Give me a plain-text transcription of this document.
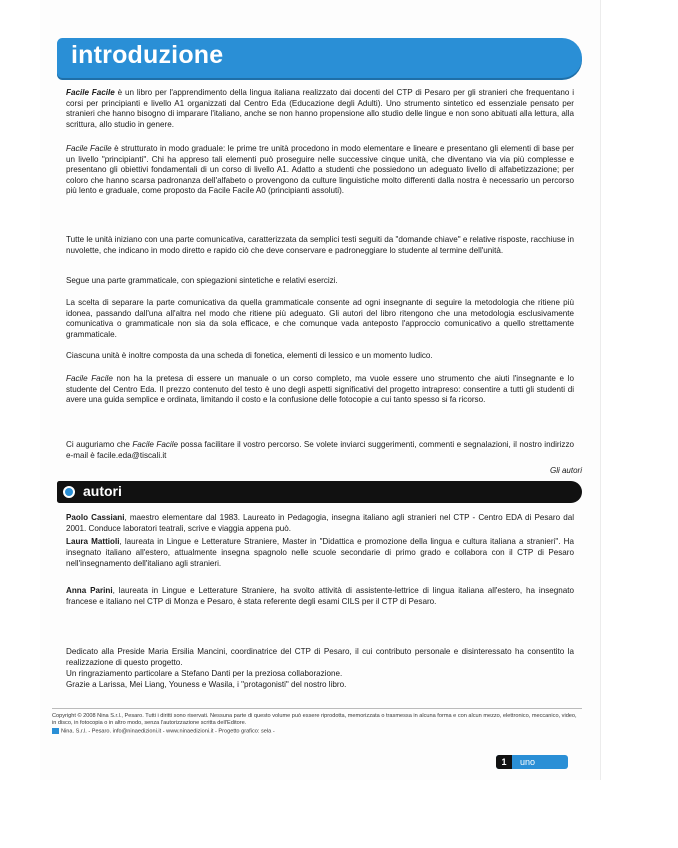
introduzione

Facile Facile è un libro per l'apprendimento della lingua italiana realizzato dai docenti del CTP di Pesaro per gli stranieri che frequentano i corsi per principianti e livello A1 organizzati dal Centro Eda (Educazione degli Adulti). Uno strumento sintetico ed essenziale pensato per stranieri che hanno bisogno di imparare l'italiano, anche se non hanno propensione allo studio delle lingue e non sono abituati alla lettura, alla scrittura, allo studio in genere.

Facile Facile è strutturato in modo graduale: le prime tre unità procedono in modo elementare e lineare e presentano gli elementi di base per un livello "principianti". Chi ha appreso tali elementi può proseguire nelle successive cinque unità, che diventano via via più complesse e presentano gli obiettivi fondamentali di un corso di livello A1. Adatto a studenti che possiedono un adeguato livello di alfabetizzazione; per coloro che hanno scarsa padronanza dell'alfabeto o provengono da culture linguistiche molto differenti dalla nostra è necessario un percorso più lento e graduale, come proposto da Facile Facile A0 (principianti assoluti).

Tutte le unità iniziano con una parte comunicativa, caratterizzata da semplici testi seguiti da "domande chiave" e relative risposte, racchiuse in nuvolette, che indicano in modo diretto e rapido ciò che deve conservare e padroneggiare lo studente al termine dell'unità.

Segue una parte grammaticale, con spiegazioni sintetiche e relativi esercizi.

La scelta di separare la parte comunicativa da quella grammaticale consente ad ogni insegnante di seguire la metodologia che ritiene più idonea, passando dall'una all'altra nel modo che ritiene più adeguato. Gli autori del libro ritengono che una metodologia esclusivamente comunicativa o grammaticale non sia da sola efficace, e che comunque vada anteposto l'approccio comunicativo a quello strettamente grammaticale.

Ciascuna unità è inoltre composta da una scheda di fonetica, elementi di lessico e un momento ludico.

Facile Facile non ha la pretesa di essere un manuale o un corso completo, ma vuole essere uno strumento che aiuti l'insegnante e lo studente del Centro Eda. Il prezzo contenuto del testo è uno degli aspetti significativi del progetto intrapreso: consentire a tutti gli studenti di avere una guida semplice e ordinata, limitando il costo e la confusione delle fotocopie a cui tanto spesso si fa ricorso.

Ci auguriamo che Facile Facile possa facilitare il vostro percorso. Se volete inviarci suggerimenti, commenti e segnalazioni, il nostro indirizzo e-mail è facile.eda@tiscali.it

Gli autori
autori

Paolo Cassiani, maestro elementare dal 1983. Laureato in Pedagogia, insegna italiano agli stranieri nel CTP - Centro EDA di Pesaro dal 2001. Conduce laboratori teatrali, scrive e viaggia appena può.

Laura Mattioli, laureata in Lingue e Letterature Straniere, Master in "Didattica e promozione della lingua e cultura italiana a stranieri". Ha insegnato italiano all'estero, attualmente insegna spagnolo nelle scuole secondarie di primo grado e collabora con il CTP di Pesaro nell'insegnamento dell'italiano agli stranieri.

Anna Parini, laureata in Lingue e Letterature Straniere, ha svolto attività di assistente-lettrice di lingua italiana all'estero, ha insegnato francese e italiano nel CTP di Monza e Pesaro, è stata referente degli esami CILS per il CTP di Pesaro.

Dedicato alla Preside Maria Ersilia Mancini, coordinatrice del CTP di Pesaro, il cui contributo personale e disinteressato ha consentito la realizzazione di questo progetto.

Un ringraziamento particolare a Stefano Danti per la preziosa collaborazione.

Grazie a Larissa, Mei Liang, Youness e Wasila, i "protagonisti" del nostro libro.

Copyright © 2008 Nina S.r.l., Pesaro. Tutti i diritti sono riservati. Nessuna parte di questo volume può essere riprodotta, memorizzata o trasmessa in alcuna forma e con alcun mezzo, elettronico, meccanico, video, in disco, in fotocopia o in altro modo, senza l'autorizzazione scritta dell'Editore.
Nina. S.r.l. - Pesaro. info@ninaedizioni.it - www.ninaedizioni.it - Progetto grafico: sela -
1	uno
